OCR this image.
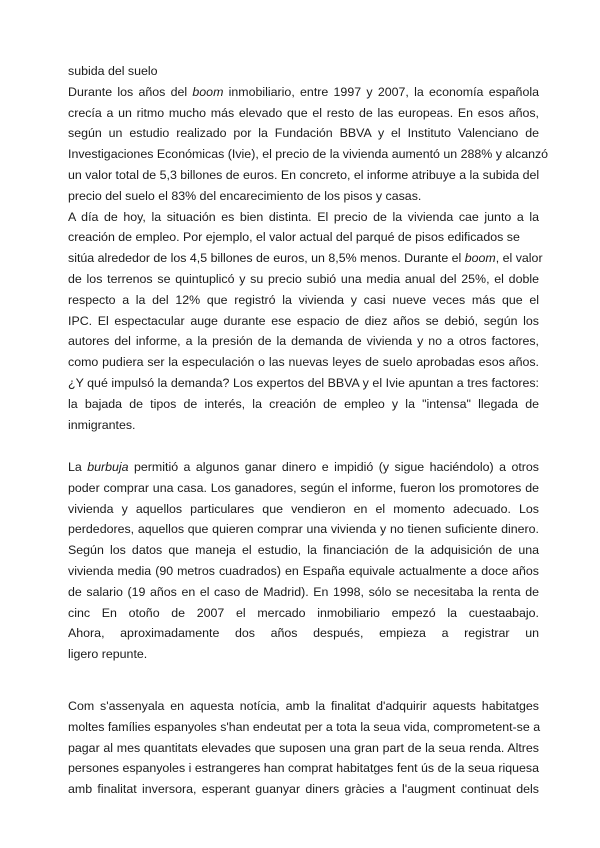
subida del suelo
Durante los años del boom inmobiliario, entre 1997 y 2007, la economía española
crecía a un ritmo mucho más elevado que el resto de las europeas. En esos años,
según un estudio realizado por la Fundación BBVA y el Instituto Valenciano de
Investigaciones Económicas (Ivie), el precio de la vivienda aumentó un 288% y alcanzó
un valor total de 5,3 billones de euros. En concreto, el informe atribuye a la subida del
precio del suelo el 83% del encarecimiento de los pisos y casas.
A día de hoy, la situación es bien distinta. El precio de la vivienda cae junto a la
creación de empleo. Por ejemplo, el valor actual del parqué de pisos edificados se
sitúa alrededor de los 4,5 billones de euros, un 8,5% menos. Durante el boom, el valor
de los terrenos se quintuplicó y su precio subió una media anual del 25%, el doble
respecto a la del 12% que registró la vivienda y casi nueve veces más que el
IPC. El espectacular auge durante ese espacio de diez años se debió, según los
autores del informe, a la presión de la demanda de vivienda y no a otros factores,
como pudiera ser la especulación o las nuevas leyes de suelo aprobadas esos años.
¿Y qué impulsó la demanda? Los expertos del BBVA y el Ivie apuntan a tres factores:
la bajada de tipos de interés, la creación de empleo y la "intensa" llegada de
inmigrantes.
La burbuja permitió a algunos ganar dinero e impidió (y sigue haciéndolo) a otros
poder comprar una casa. Los ganadores, según el informe, fueron los promotores de
vivienda y aquellos particulares que vendieron en el momento adecuado. Los
perdedores, aquellos que quieren comprar una vivienda y no tienen suficiente dinero.
Según los datos que maneja el estudio, la financiación de la adquisición de una
vivienda media (90 metros cuadrados) en España equivale actualmente a doce años
de salario (19 años en el caso de Madrid). En 1998, sólo se necesitaba la renta de
cinc En otoño de 2007 el mercado inmobiliario empezó la cuestaabajo.
Ahora, aproximadamente dos años después, empieza a registrar un
ligero repunte.
Com s'assenyala en aquesta notícia, amb la finalitat d'adquirir aquests habitatges
moltes famílies espanyoles s'han endeutat per a tota la seua vida, comprometent-se a
pagar al mes quantitats elevades que suposen una gran part de la seua renda. Altres
persones espanyoles i estrangeres han comprat habitatges fent ús de la seua riquesa
amb finalitat inversora, esperant guanyar diners gràcies a l'augment continuat dels
